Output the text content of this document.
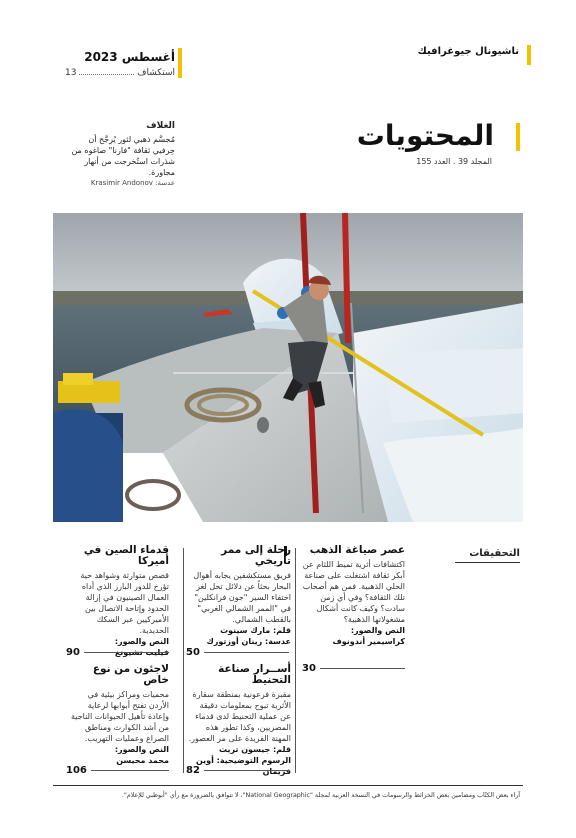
ناشيونال جيوغرافيك
أغسطس 2023
13	استكشاف
المحتويات
المجلد 39 . العدد 155
الغلاف
مُجسَّم ذهبي لثور يُرجَّح أن حِرفيي ثقافة "فارنا" صاغوه من شذرات استُخرجت من أنهار مجاورة.
عدسة: Krasimir Andonov
التحقيقات
عصر صياغة الذهب
اكتشافات أثرية تميط اللثام عن أبكر ثقافة اشتغلت على صناعة الحلي الذهبية. فمن هم أصحاب تلك الثقافة؟ وفي أي زمن سادت؟ وكيف كانت أشكال مشغولاتها الذهبية؟
النص والصور:
كراسيمير أندونوف
30
رحلة إلى ممر تاريخي
فريق مستكشفين يجابه أهوال البحار بحثاً عن دلائل تحل لغز اختفاء السير "جون فرانكلين" في "الممر الشمالي الغربي" بالقطب الشمالي.
قلم: مارك سينوت
عدسة: رينان أوزتورك
50
قدماء الصين في أميركا
قصص متوارثة وشواهد حية تؤرخ للدور البارز الذي أداه العمال الصينيون في إزالة الحدود وإتاحة الاتصال بين الأميركيين عبر السكك الحديدية.
النص والصور:
فيليب تشيونغ
90
أســرار صناعة التحنيط
مقبرة فرعونية بمنطقة سقارة الأثرية تبوح بمعلومات دقيقة عن عملية التحنيط لدى قدماء المصريين، وكذا تطور هذه المهنة الفريدة على مر العصور.
قلم: جيسون تريت
الرسوم التوضيحية: أوين فريمان
82
لاجئون من نوع خاص
محميات ومراكز بيئية في الأردن تفتح أبوابها لرعاية وإعادة تأهيل الحيوانات الناجية من أشد الكوارث ومناطق الصراع وعمليات التهريب.
النص والصور:
محمد محيسن
106
آراء بعض الكتّاب ومضامين بعض الخرائط والرسومات في النسخة العربية لمجلة "National Geographic"، لا تتوافق بالضرورة مع رأي "أبوظبي للإعلام".
